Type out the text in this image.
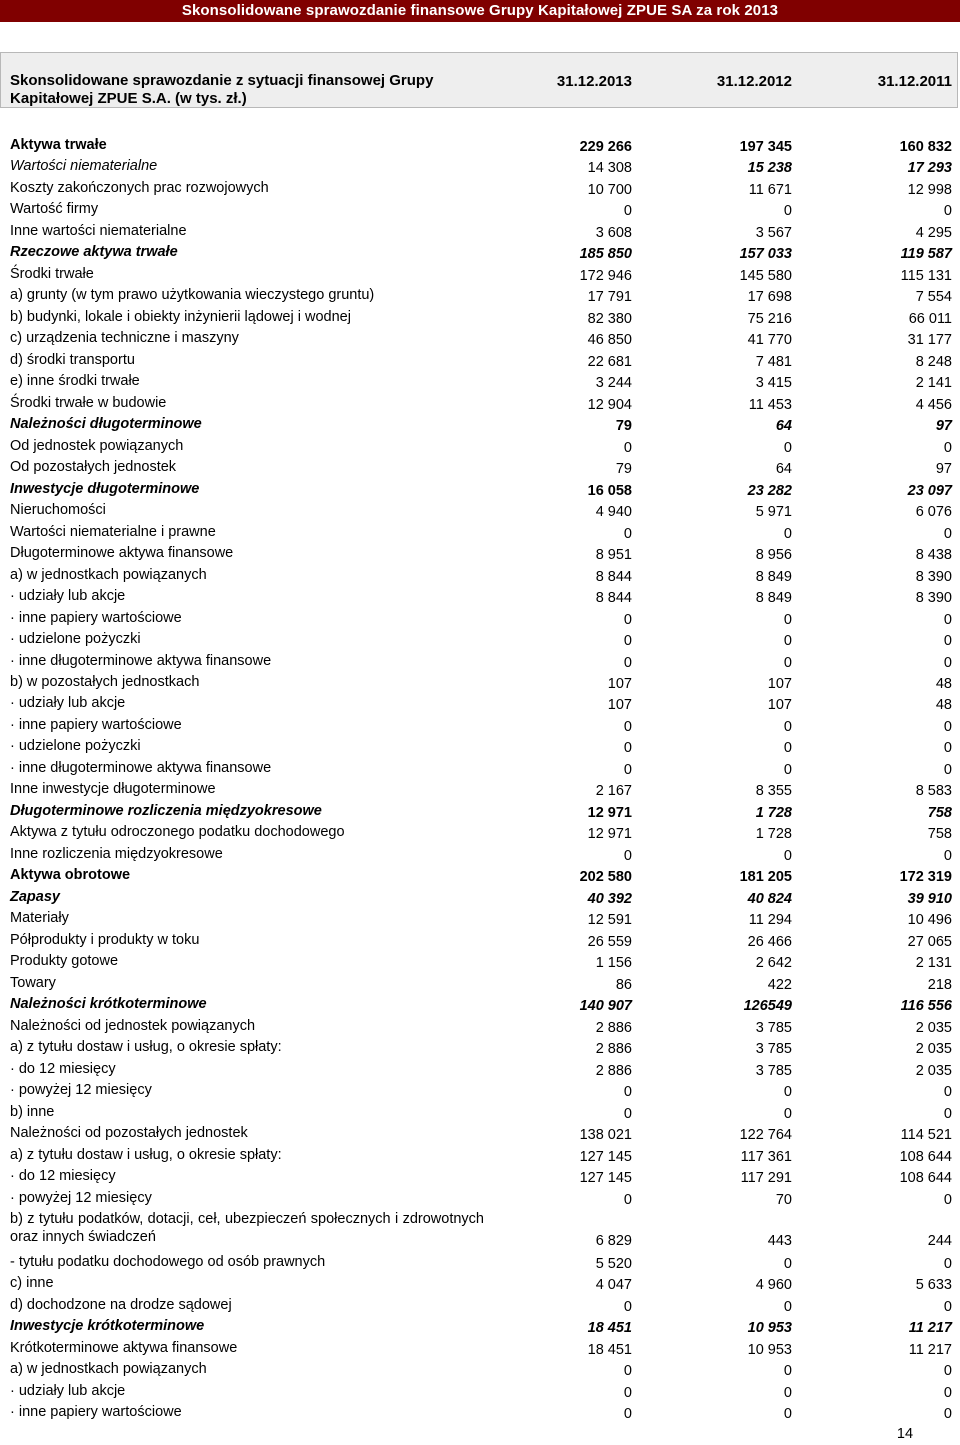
Skonsolidowane sprawozdanie finansowe Grupy Kapitałowej ZPUE SA za rok 2013
Skonsolidowane sprawozdanie z sytuacji finansowej Grupy
Kapitałowej ZPUE S.A. (w tys. zł.)
31.12.2013	31.12.2012	31.12.2011
Aktywa trwałe	229 266	197 345	160 832
Wartości niematerialne	14 308	15 238	17 293
Koszty zakończonych prac rozwojowych	10 700	11 671	12 998
Wartość firmy	0	0	0
Inne wartości niematerialne	3 608	3 567	4 295
Rzeczowe aktywa trwałe	185 850	157 033	119 587
Środki trwałe	172 946	145 580	115 131
a) grunty (w tym prawo użytkowania wieczystego gruntu)	17 791	17 698	7 554
b) budynki, lokale i obiekty inżynierii lądowej i wodnej	82 380	75 216	66 011
c) urządzenia techniczne i maszyny	46 850	41 770	31 177
d) środki transportu	22 681	7 481	8 248
e) inne środki trwałe	3 244	3 415	2 141
Środki trwałe w budowie	12 904	11 453	4 456
Należności długoterminowe	79	64	97
Od jednostek powiązanych	0	0	0
Od pozostałych jednostek	79	64	97
Inwestycje długoterminowe	16 058	23 282	23 097
Nieruchomości	4 940	5 971	6 076
Wartości niematerialne i prawne	0	0	0
Długoterminowe aktywa finansowe	8 951	8 956	8 438
a) w jednostkach powiązanych	8 844	8 849	8 390
· udziały lub akcje	8 844	8 849	8 390
· inne papiery wartościowe	0	0	0
· udzielone pożyczki	0	0	0
· inne długoterminowe aktywa finansowe	0	0	0
b) w pozostałych jednostkach	107	107	48
· udziały lub akcje	107	107	48
· inne papiery wartościowe	0	0	0
· udzielone pożyczki	0	0	0
· inne długoterminowe aktywa finansowe	0	0	0
Inne inwestycje długoterminowe	2 167	8 355	8 583
Długoterminowe rozliczenia międzyokresowe	12 971	1 728	758
Aktywa z tytułu odroczonego podatku dochodowego	12 971	1 728	758
Inne rozliczenia międzyokresowe	0	0	0
Aktywa obrotowe	202 580	181 205	172 319
Zapasy	40 392	40 824	39 910
Materiały	12 591	11 294	10 496
Półprodukty i produkty w toku	26 559	26 466	27 065
Produkty gotowe	1 156	2 642	2 131
Towary	86	422	218
Należności krótkoterminowe	140 907	126549	116 556
Należności od jednostek powiązanych	2 886	3 785	2 035
a) z tytułu dostaw i usług, o okresie spłaty:	2 886	3 785	2 035
· do 12 miesięcy	2 886	3 785	2 035
· powyżej 12 miesięcy	0	0	0
b) inne	0	0	0
Należności od pozostałych jednostek	138 021	122 764	114 521
a) z tytułu dostaw i usług, o okresie spłaty:	127 145	117 361	108 644
· do 12 miesięcy	127 145	117 291	108 644
· powyżej 12 miesięcy	0	70	0
b) z tytułu podatków, dotacji, ceł, ubezpieczeń społecznych i zdrowotnych oraz innych świadczeń	6 829	443	244
- tytułu podatku dochodowego od osób prawnych	5 520	0	0
c) inne	4 047	4 960	5 633
d) dochodzone na drodze sądowej	0	0	0
Inwestycje krótkoterminowe	18 451	10 953	11 217
Krótkoterminowe aktywa finansowe	18 451	10 953	11 217
a) w jednostkach powiązanych	0	0	0
· udziały lub akcje	0	0	0
· inne papiery wartościowe	0	0	0
14
